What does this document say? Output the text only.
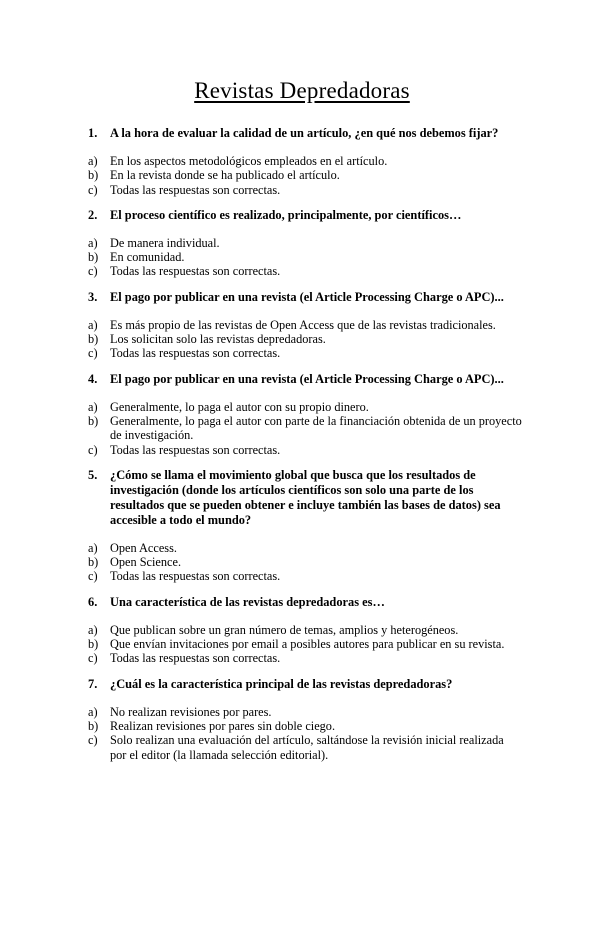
Revistas Depredadoras
1.	A la hora de evaluar la calidad de un artículo, ¿en qué nos debemos fijar?
a)	En los aspectos metodológicos empleados en el artículo.
b) En la revista donde se ha publicado el artículo.
c)	Todas las respuestas son correctas.
2.	El proceso científico es realizado, principalmente, por científicos…
a)	De manera individual.
b) En comunidad.
c)	Todas las respuestas son correctas.
3.	El pago por publicar en una revista (el Article Processing Charge o APC)...
a)	Es más propio de las revistas de Open Access que de las revistas tradicionales.
b) Los solicitan solo las revistas depredadoras.
c)	Todas las respuestas son correctas.
4.	El pago por publicar en una revista (el Article Processing Charge o APC)...
a)	Generalmente, lo paga el autor con su propio dinero.
b) Generalmente, lo paga el autor con parte de la financiación obtenida de un proyecto de investigación.
c)	Todas las respuestas son correctas.
5.	¿Cómo se llama el movimiento global que busca que los resultados de investigación (donde los artículos científicos son solo una parte de los resultados que se pueden obtener e incluye también las bases de datos) sea accesible a todo el mundo?
a)	Open Access.
b) Open Science.
c)	Todas las respuestas son correctas.
6.	Una característica de las revistas depredadoras es…
a)	Que publican sobre un gran número de temas, amplios y heterogéneos.
b) Que envían invitaciones por email a posibles autores para publicar en su revista.
c)	Todas las respuestas son correctas.
7.	¿Cuál es la característica principal de las revistas depredadoras?
a)	No realizan revisiones por pares.
b) Realizan revisiones por pares sin doble ciego.
c)	Solo realizan una evaluación del artículo, saltándose la revisión inicial realizada por el editor (la llamada selección editorial).
